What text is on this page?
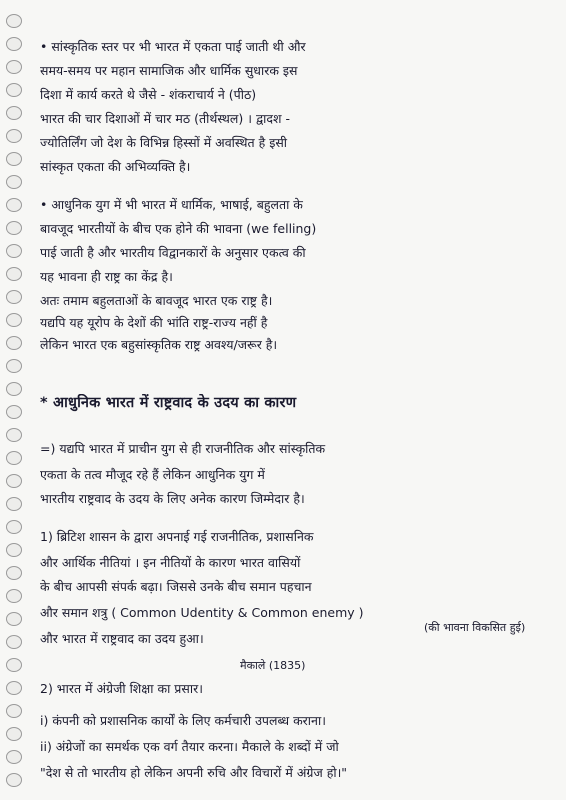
• सांस्कृतिक स्तर पर भी भारत में एकता पाई जाती थी और
समय-समय पर महान सामाजिक और धार्मिक सुधारक इस
दिशा में कार्य करते थे जैसे - शंकराचार्य ने (पीठ)
भारत की चार दिशाओं में चार मठ (तीर्थस्थल) । द्वादश -
ज्योतिर्लिंग जो देश के विभिन्न हिस्सों में अवस्थित है इसी
सांस्कृत एकता की अभिव्यक्ति है।
• आधुनिक युग में भी भारत में धार्मिक, भाषाई, बहुलता के
बावजूद भारतीयों के बीच एक होने की भावना (we felling)
पाई जाती है और भारतीय विद्वानकारों के अनुसार एकत्व की
यह भावना ही राष्ट्र का केंद्र है।
अतः तमाम बहुलताओं के बावजूद भारत एक राष्ट्र है।
यद्यपि यह यूरोप के देशों की भांति राष्ट्र-राज्य नहीं है
लेकिन भारत एक बहुसांस्कृतिक राष्ट्र अवश्य/जरूर है।
* आधुनिक भारत में राष्ट्रवाद के उदय का कारण
=) यद्यपि भारत में प्राचीन युग से ही राजनीतिक और सांस्कृतिक
एकता के तत्व मौजूद रहे हैं लेकिन आधुनिक युग में
भारतीय राष्ट्रवाद के उदय के लिए अनेक कारण जिम्मेदार है।
1) ब्रिटिश शासन के द्वारा अपनाई गई राजनीतिक, प्रशासनिक
और आर्थिक नीतियां । इन नीतियों के कारण भारत वासियों
के बीच आपसी संपर्क बढ़ा। जिससे उनके बीच समान पहचान
और समान शत्रु ( Common Udentity & Common enemy )
और भारत में राष्ट्रवाद का उदय हुआ।
(की भावना विकसित हुई)
मैकाले (1835)
2) भारत में अंग्रेजी शिक्षा का प्रसार।
i) कंपनी को प्रशासनिक कार्यों के लिए कर्मचारी उपलब्ध कराना।
ii) अंग्रेजों का समर्थक एक वर्ग तैयार करना। मैकाले के शब्दों में जो
"देश से तो भारतीय हो लेकिन अपनी रुचि और विचारों में अंग्रेज हो।"
